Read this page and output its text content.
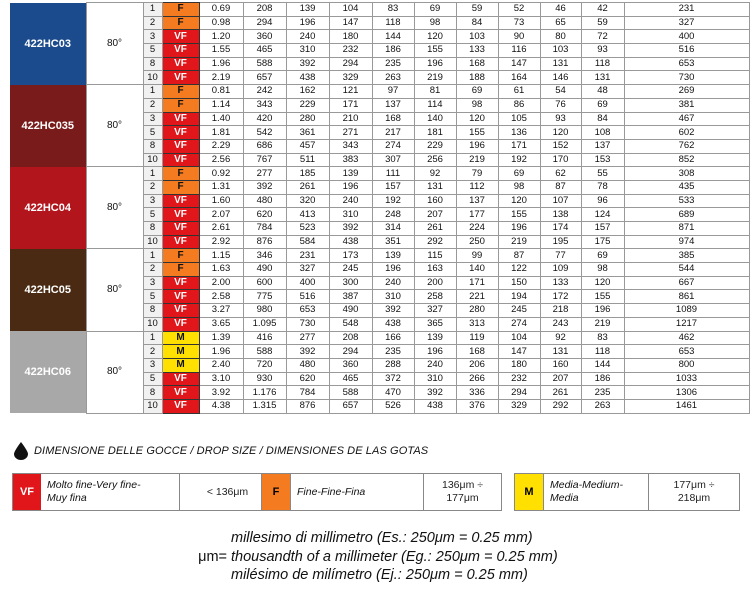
422HC03	80°	1	F	0.69	208	139	104	83	69	59	52	46	42	231
		2	F	0.98	294	196	147	118	98	84	73	65	59	327
		3	VF	1.20	360	240	180	144	120	103	90	80	72	400
		5	VF	1.55	465	310	232	186	155	133	116	103	93	516
		8	VF	1.96	588	392	294	235	196	168	147	131	118	653
		10	VF	2.19	657	438	329	263	219	188	164	146	131	730
422HC035	80°	1	F	0.81	242	162	121	97	81	69	61	54	48	269
		2	F	1.14	343	229	171	137	114	98	86	76	69	381
		3	VF	1.40	420	280	210	168	140	120	105	93	84	467
		5	VF	1.81	542	361	271	217	181	155	136	120	108	602
		8	VF	2.29	686	457	343	274	229	196	171	152	137	762
		10	VF	2.56	767	511	383	307	256	219	192	170	153	852
422HC04	80°	1	F	0.92	277	185	139	111	92	79	69	62	55	308
		2	F	1.31	392	261	196	157	131	112	98	87	78	435
		3	VF	1.60	480	320	240	192	160	137	120	107	96	533
		5	VF	2.07	620	413	310	248	207	177	155	138	124	689
		8	VF	2.61	784	523	392	314	261	224	196	174	157	871
		10	VF	2.92	876	584	438	351	292	250	219	195	175	974
422HC05	80°	1	F	1.15	346	231	173	139	115	99	87	77	69	385
		2	F	1.63	490	327	245	196	163	140	122	109	98	544
		3	VF	2.00	600	400	300	240	200	171	150	133	120	667
		5	VF	2.58	775	516	387	310	258	221	194	172	155	861
		8	VF	3.27	980	653	490	392	327	280	245	218	196	1089
		10	VF	3.65	1.095	730	548	438	365	313	274	243	219	1217
422HC06	80°	1	M	1.39	416	277	208	166	139	119	104	92	83	462
		2	M	1.96	588	392	294	235	196	168	147	131	118	653
		3	M	2.40	720	480	360	288	240	206	180	160	144	800
		5	VF	3.10	930	620	465	372	310	266	232	207	186	1033
		8	VF	3.92	1.176	784	588	470	392	336	294	261	235	1306
		10	VF	4.38	1.315	876	657	526	438	376	329	292	263	1461
DIMENSIONE DELLE GOCCE / DROP SIZE / DIMENSIONES DE LAS GOTAS
VF
Molto fine-Very fine-
Muy fina
< 136μm	F	Fine-Fine-Fina
136μm ÷
177μm	M
Media-Medium-
Media
177μm ÷
218μm
millesimo di millimetro (Es.: 250μm = 0.25 mm)
μm= thousandth of a millimeter (Eg.: 250μm = 0.25 mm)
milésimo de milímetro (Ej.: 250μm = 0.25 mm)
